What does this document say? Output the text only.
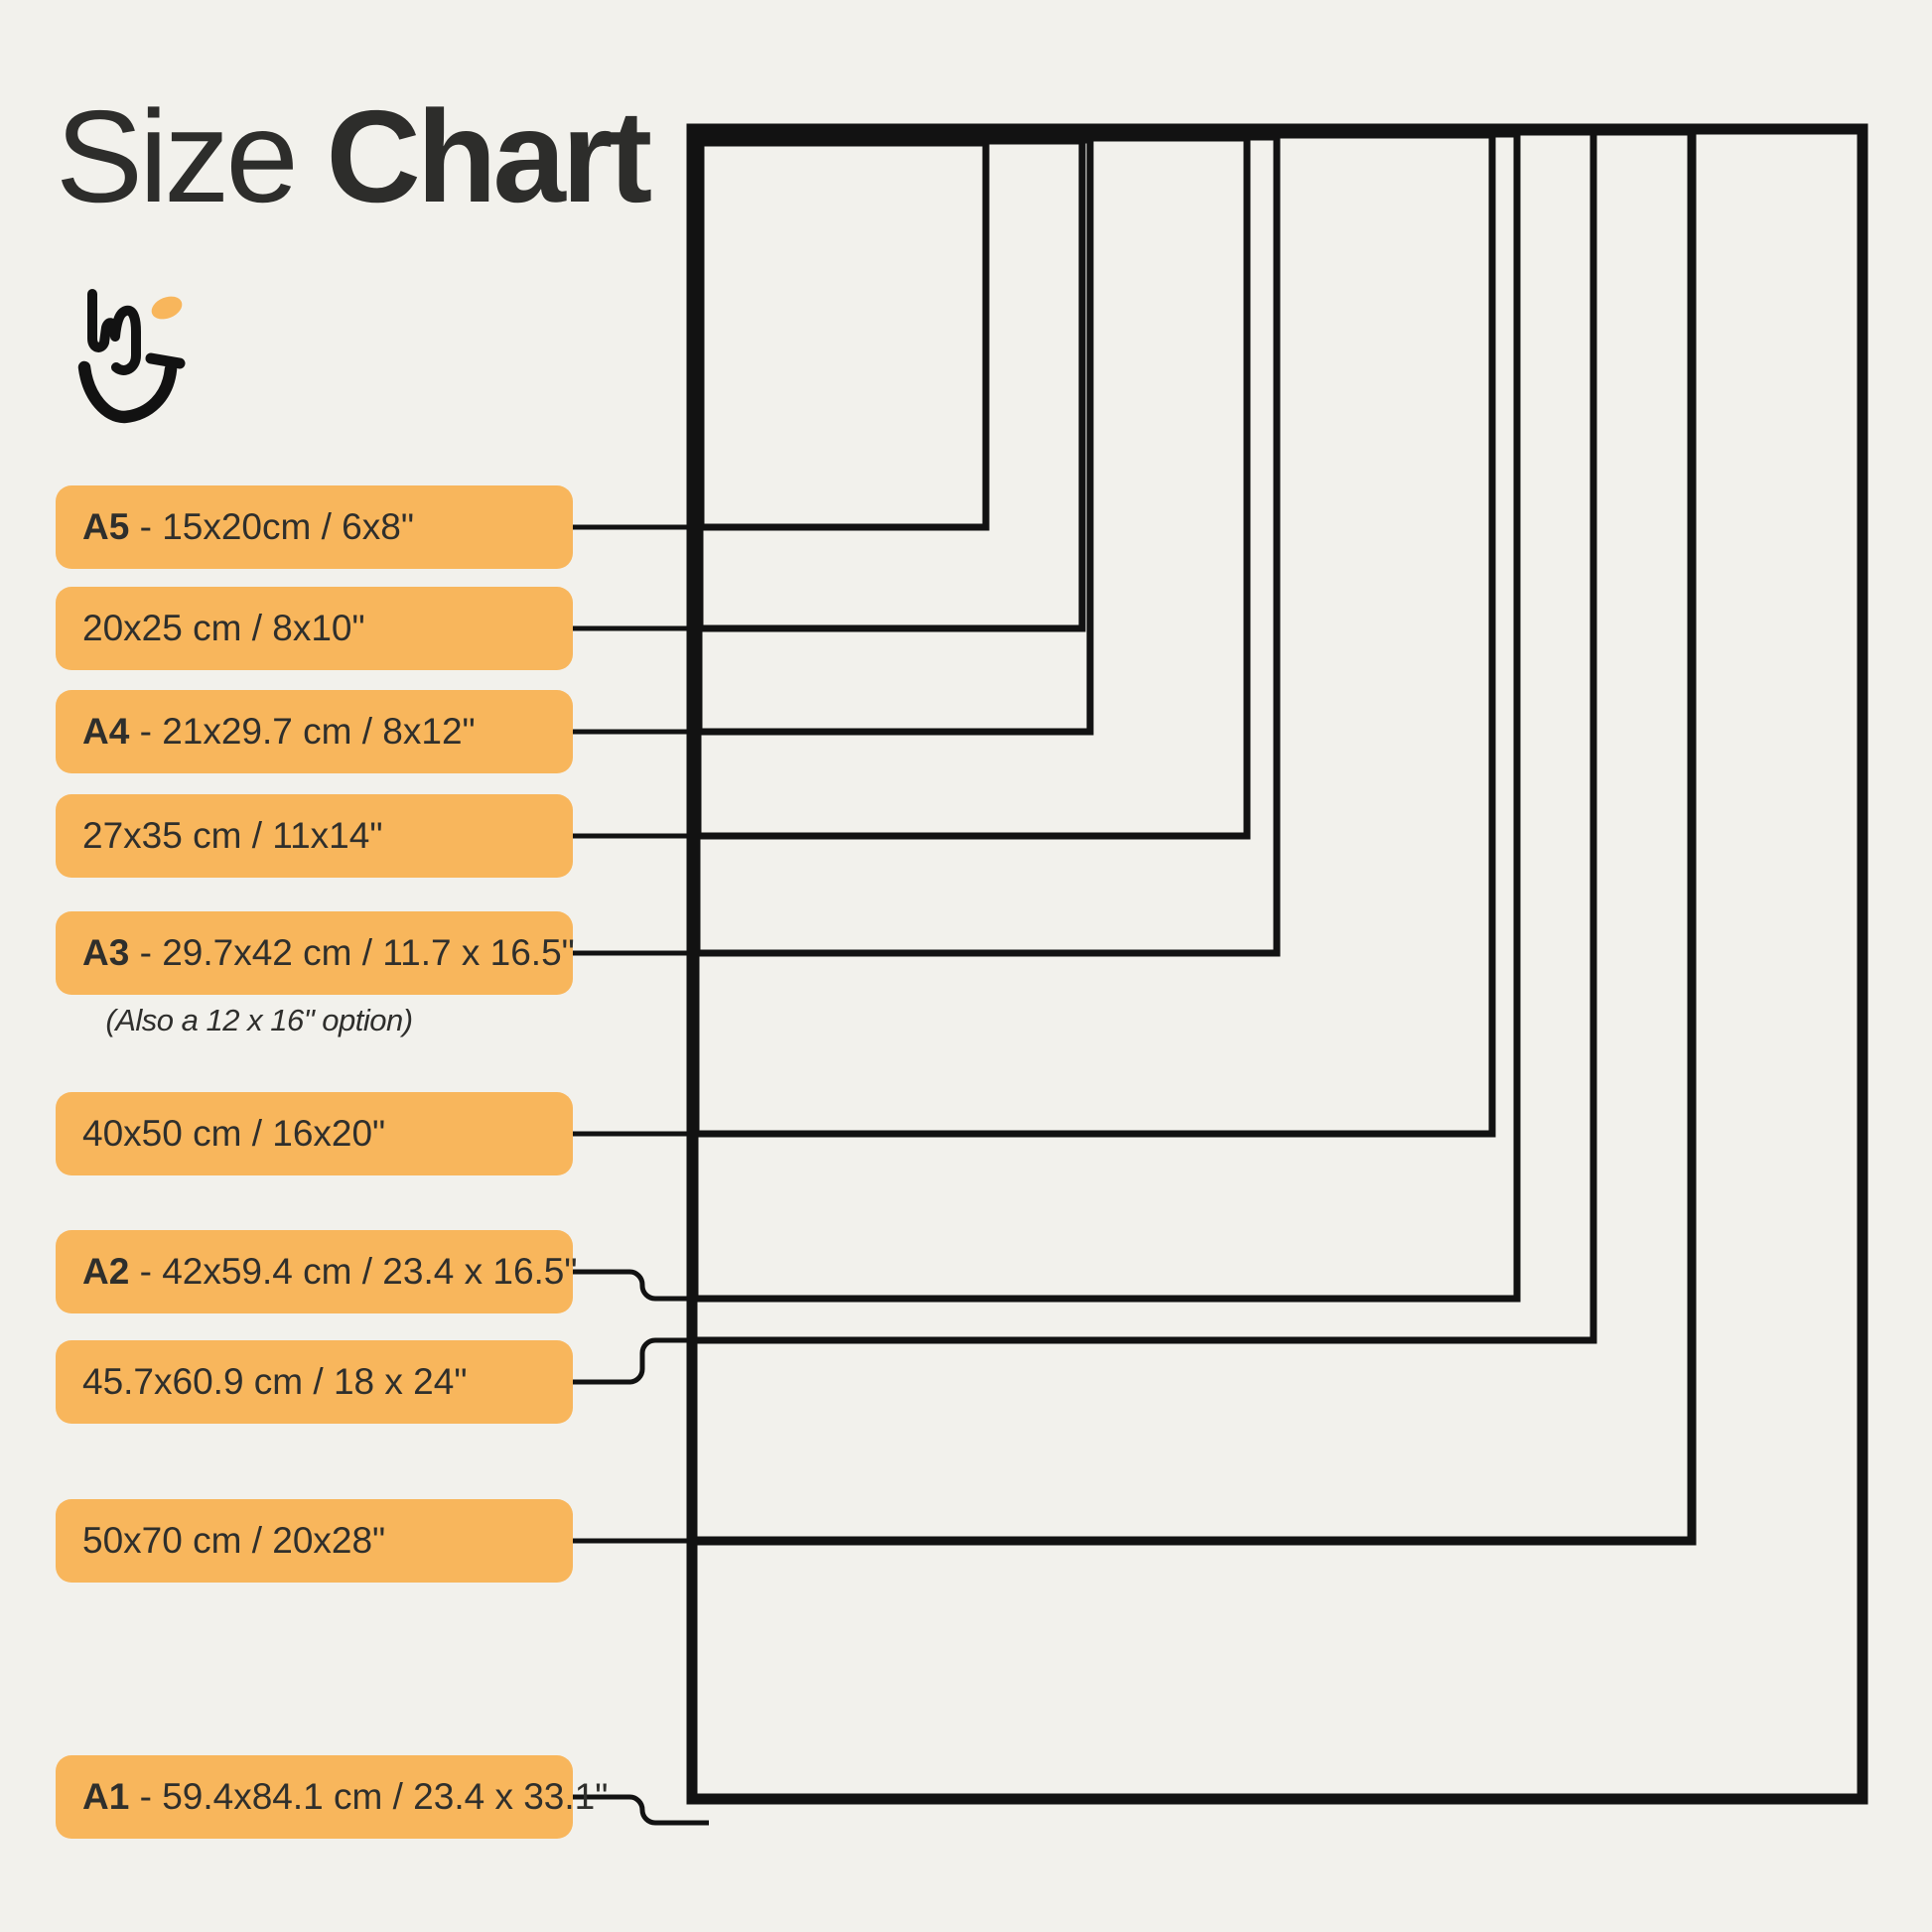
Size Chart
A5 - 15x20cm / 6x8"
20x25 cm / 8x10"
A4 - 21x29.7 cm / 8x12"
27x35 cm / 11x14"
A3 - 29.7x42 cm / 11.7 x 16.5"
40x50 cm / 16x20"
A2 - 42x59.4 cm / 23.4 x 16.5"
45.7x60.9 cm / 18 x 24"
50x70 cm / 20x28"
A1 - 59.4x84.1 cm / 23.4 x 33.1"
(Also a 12 x 16" option)
